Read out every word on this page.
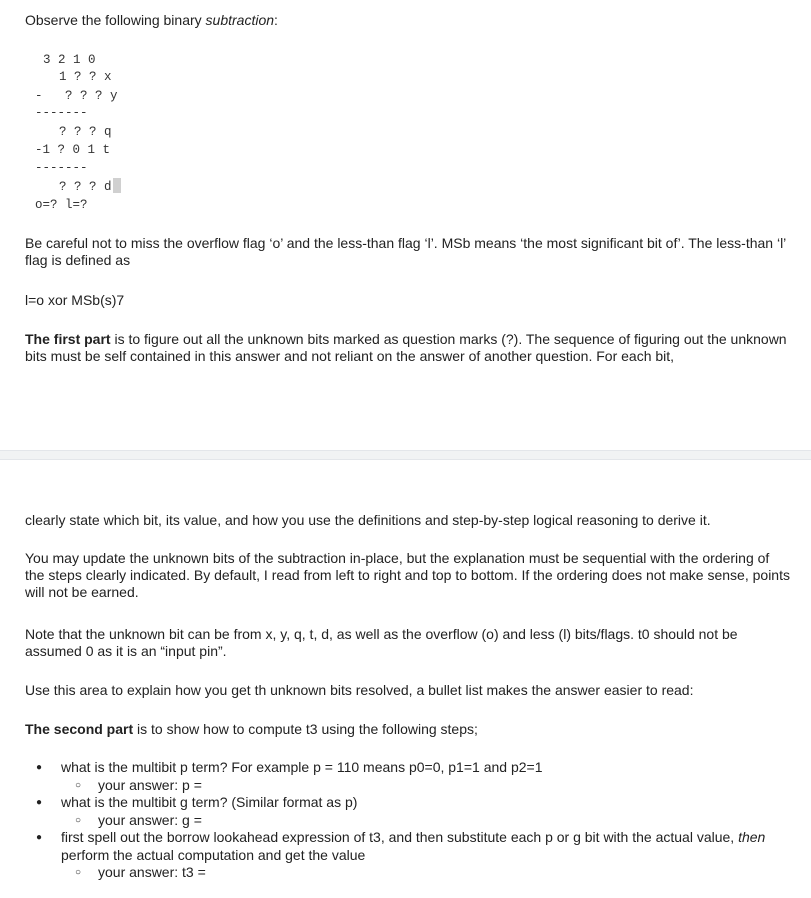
Observe the following binary subtraction:

3 2 1 0
1 ? ? x
-   ? ? ? y
-------
? ? ? q
-1 ? 0 1 t
-------
? ? ? d
o=? l=?

Be careful not to miss the overflow flag ‘o’ and the less-than flag ‘l’. MSb means ‘the most significant bit of’. The less-than ‘l’ flag is defined as

l=o xor MSb(s)7

The first part is to figure out all the unknown bits marked as question marks (?). The sequence of figuring out the unknown bits must be self contained in this answer and not reliant on the answer of another question. For each bit,

clearly state which bit, its value, and how you use the definitions and step-by-step logical reasoning to derive it.

You may update the unknown bits of the subtraction in-place, but the explanation must be sequential with the ordering of the steps clearly indicated. By default, I read from left to right and top to bottom. If the ordering does not make sense, points will not be earned.

Note that the unknown bit can be from x, y, q, t, d, as well as the overflow (o) and less (l) bits/flags. t0 should not be assumed 0 as it is an “input pin”.

Use this area to explain how you get th unknown bits resolved, a bullet list makes the answer easier to read:

The second part is to show how to compute t3 using the following steps;

● what is the multibit p term? For example p = 110 means p0=0, p1=1 and p2=1
○ your answer: p =
● what is the multibit g term? (Similar format as p)
○ your answer: g =
● first spell out the borrow lookahead expression of t3, and then substitute each p or g bit with the actual value, then perform the actual computation and get the value
○ your answer: t3 =
